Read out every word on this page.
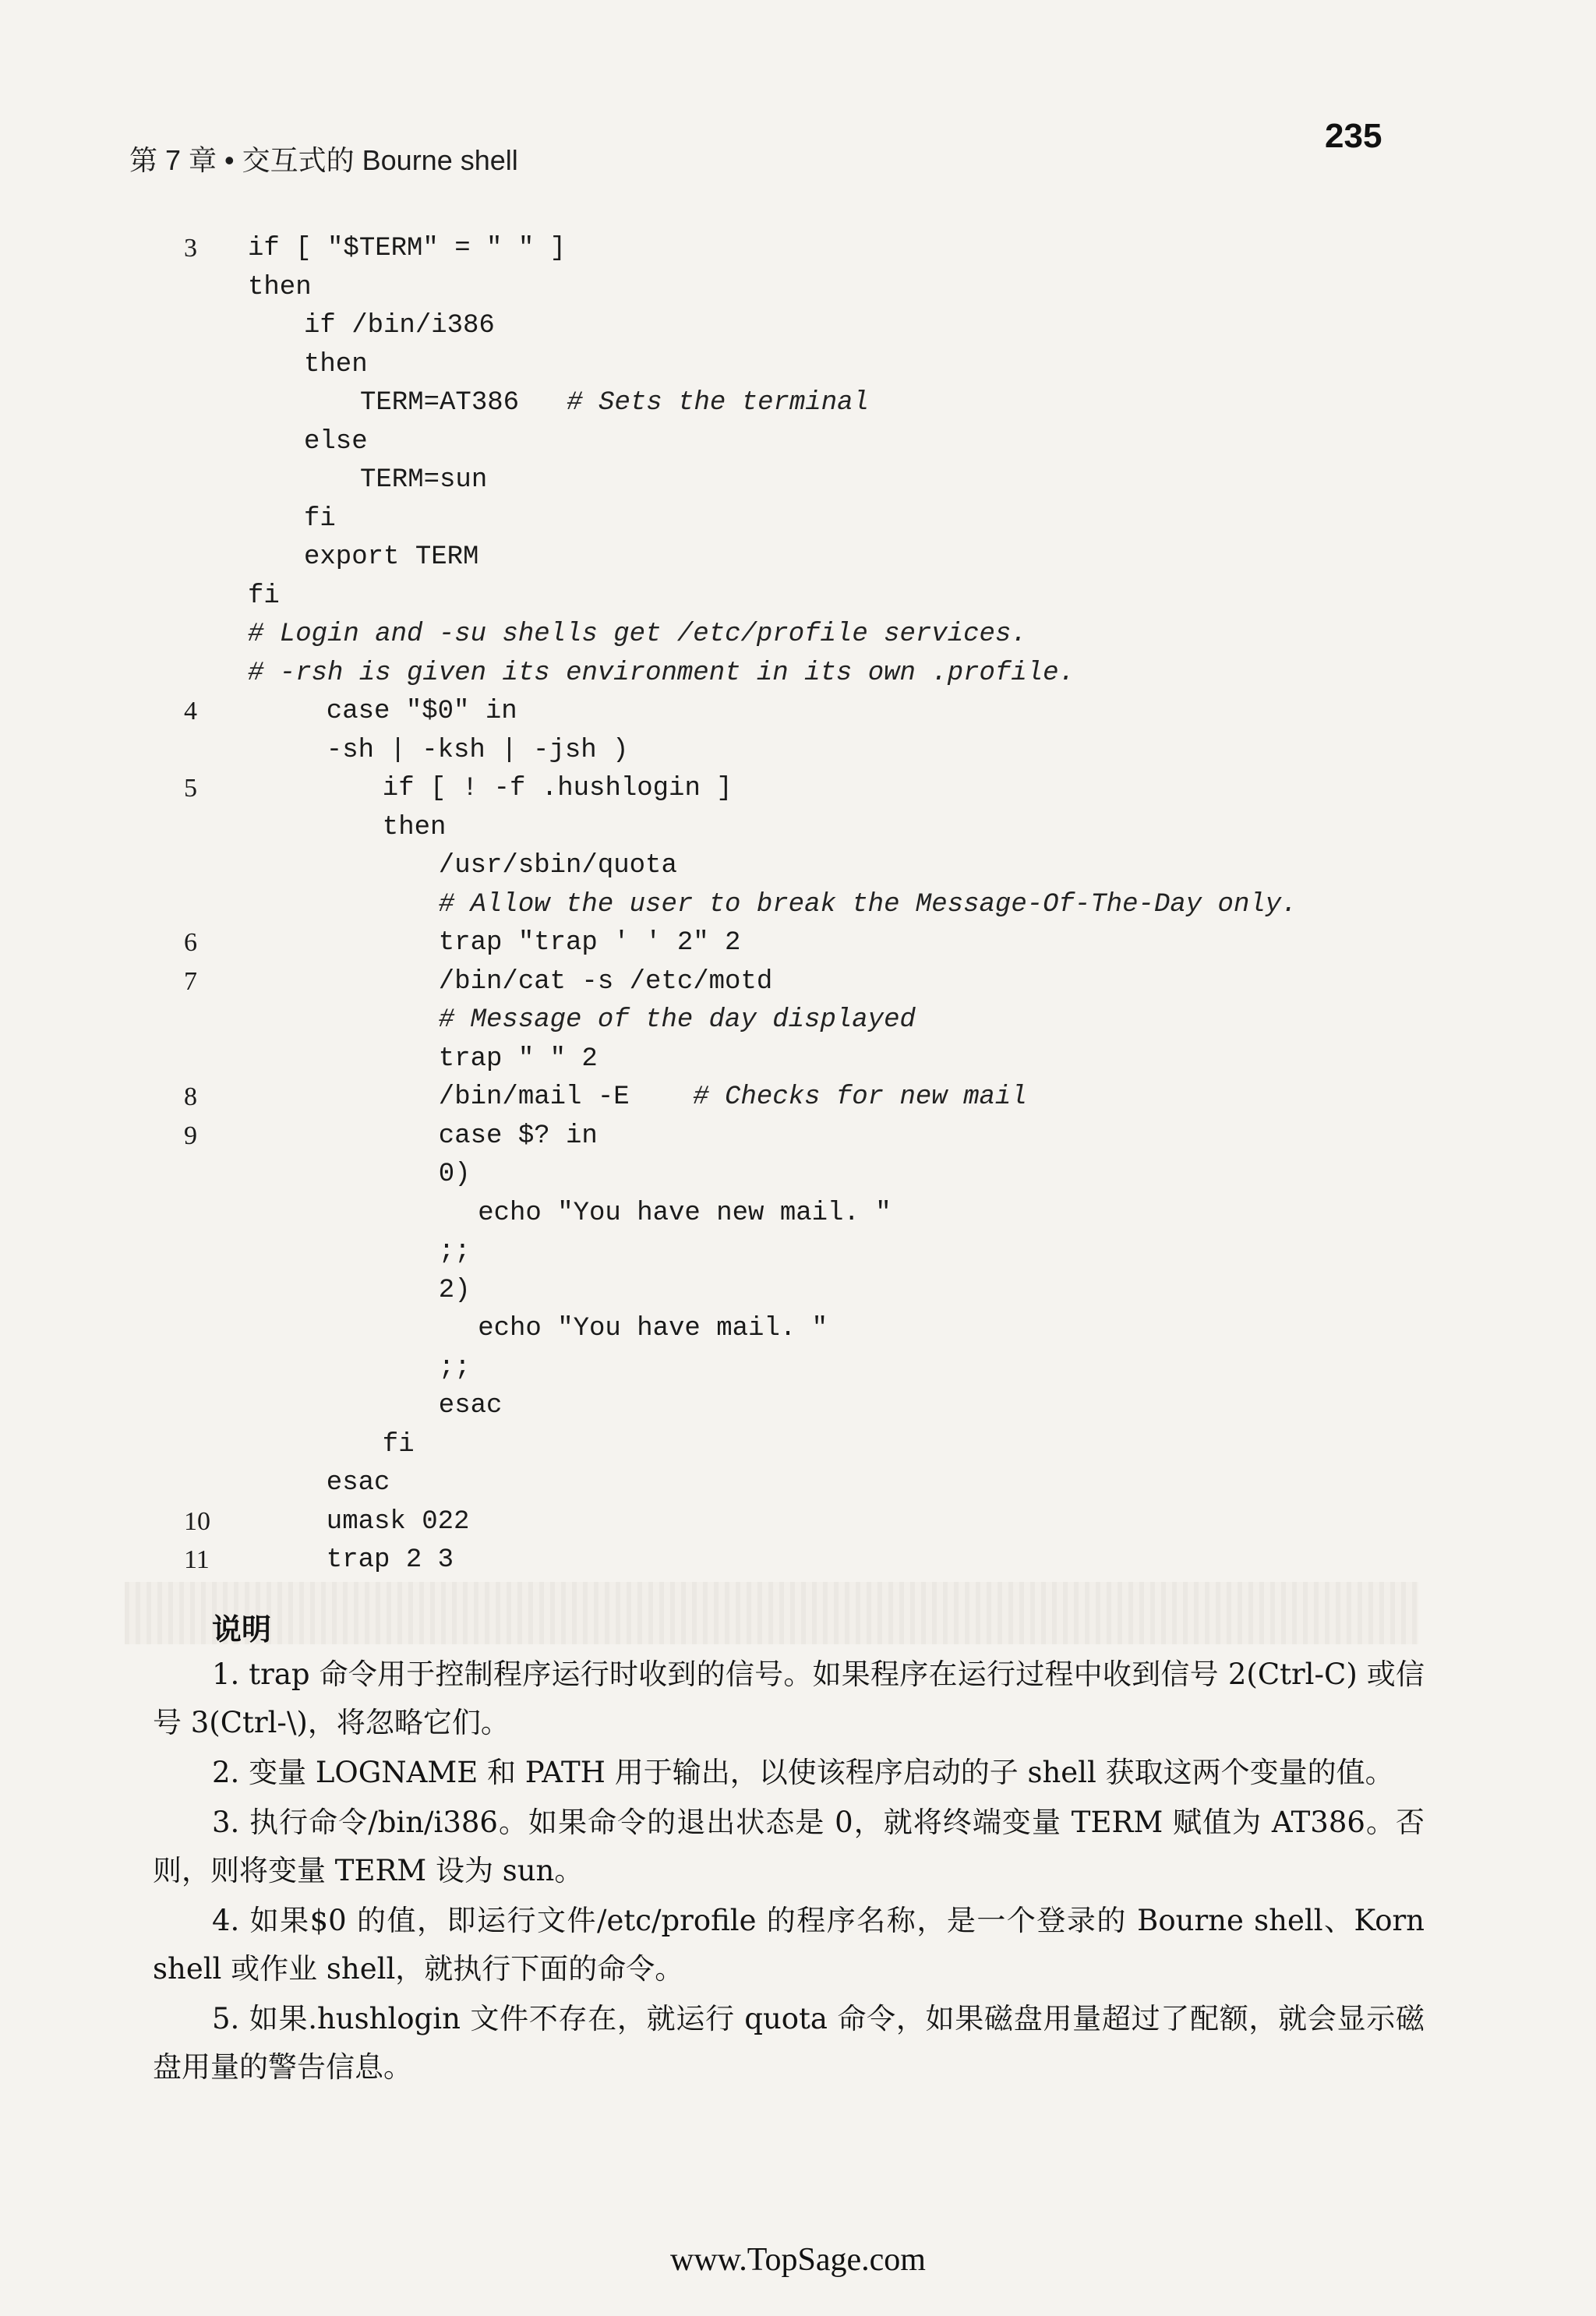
第 7 章 • 交互式的 Bourne shell
235
3 if [ "$TERM" = " " ]
then
if /bin/i386
then
TERM=AT386   # Sets the terminal
else
TERM=sun
fi
export TERM
fi
# Login and -su shells get /etc/profile services.
# -rsh is given its environment in its own .profile.
4	case "$0" in
-sh | -ksh | -jsh )
5	if [ ! -f .hushlogin ]
then
/usr/sbin/quota
# Allow the user to break the Message-Of-The-Day only.
6	trap "trap ' ' 2" 2
7	/bin/cat -s /etc/motd
# Message of the day displayed
trap " " 2
8	/bin/mail -E    # Checks for new mail
9	case $? in
0)
echo "You have new mail. "
;;
2)
echo "You have mail. "
;;
esac
fi
esac
10	umask 022
11	trap 2 3
说明

1. trap 命令用于控制程序运行时收到的信号。如果程序在运行过程中收到信号 2(Ctrl-C) 或信号 3(Ctrl-\)，将忽略它们。

2. 变量 LOGNAME 和 PATH 用于输出，以使该程序启动的子 shell 获取这两个变量的值。

3. 执行命令/bin/i386。如果命令的退出状态是 0，就将终端变量 TERM 赋值为 AT386。否则，则将变量 TERM 设为 sun。

4. 如果$0 的值，即运行文件/etc/profile 的程序名称，是一个登录的 Bourne shell、Korn shell 或作业 shell，就执行下面的命令。

5. 如果.hushlogin 文件不存在，就运行 quota 命令，如果磁盘用量超过了配额，就会显示磁盘用量的警告信息。

www.TopSage.com
